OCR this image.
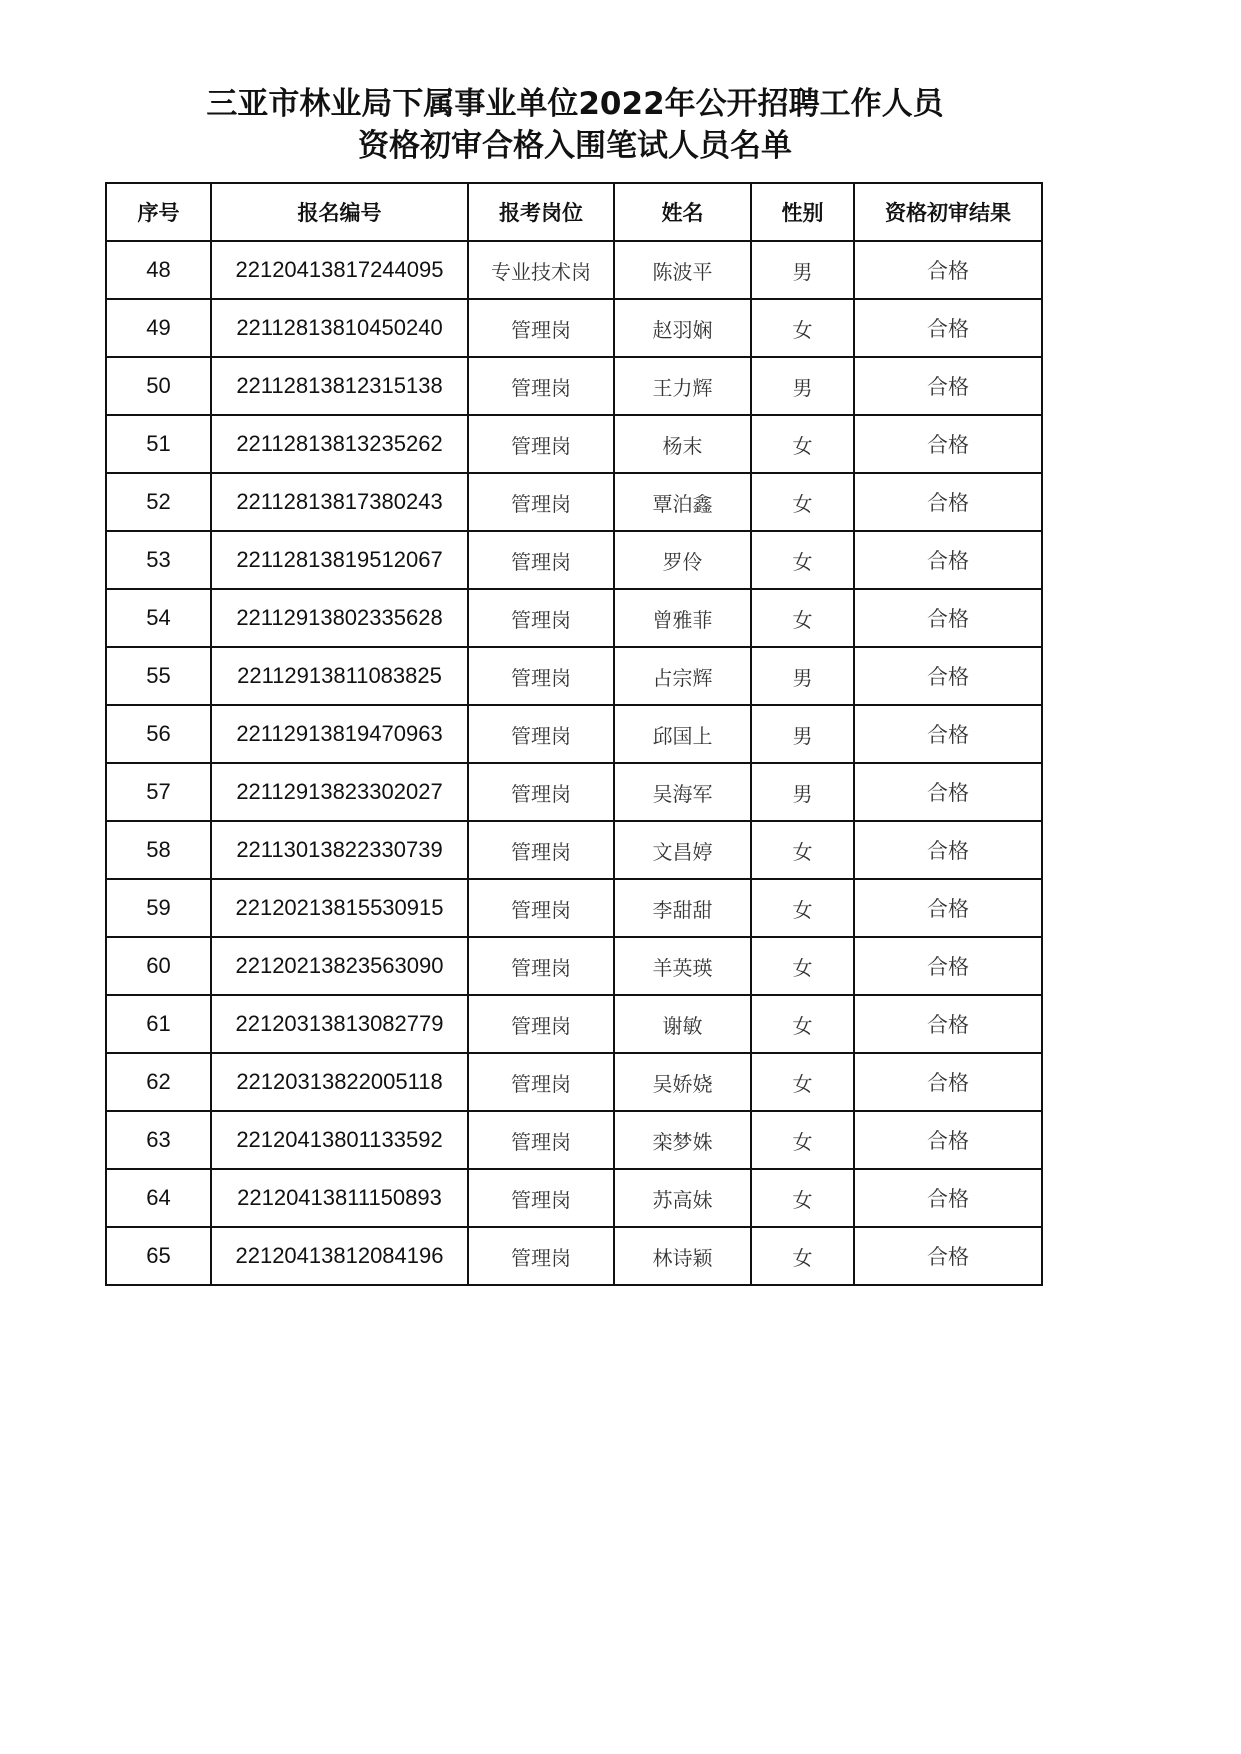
三亚市林业局下属事业单位2022年公开招聘工作人员
资格初审合格入围笔试人员名单
序号	报名编号	报考岗位	姓名	性别	资格初审结果
48	22120413817244095	专业技术岗	陈波平	男	合格
49	22112813810450240	管理岗	赵羽娴	女	合格
50	22112813812315138	管理岗	王力辉	男	合格
51	22112813813235262	管理岗	杨末	女	合格
52	22112813817380243	管理岗	覃泊鑫	女	合格
53	22112813819512067	管理岗	罗伶	女	合格
54	22112913802335628	管理岗	曾雅菲	女	合格
55	22112913811083825	管理岗	占宗辉	男	合格
56	22112913819470963	管理岗	邱国上	男	合格
57	22112913823302027	管理岗	吴海军	男	合格
58	22113013822330739	管理岗	文昌婷	女	合格
59	22120213815530915	管理岗	李甜甜	女	合格
60	22120213823563090	管理岗	羊英瑛	女	合格
61	22120313813082779	管理岗	谢敏	女	合格
62	22120313822005118	管理岗	吴娇娆	女	合格
63	22120413801133592	管理岗	栾梦姝	女	合格
64	22120413811150893	管理岗	苏高妹	女	合格
65	22120413812084196	管理岗	林诗颖	女	合格
